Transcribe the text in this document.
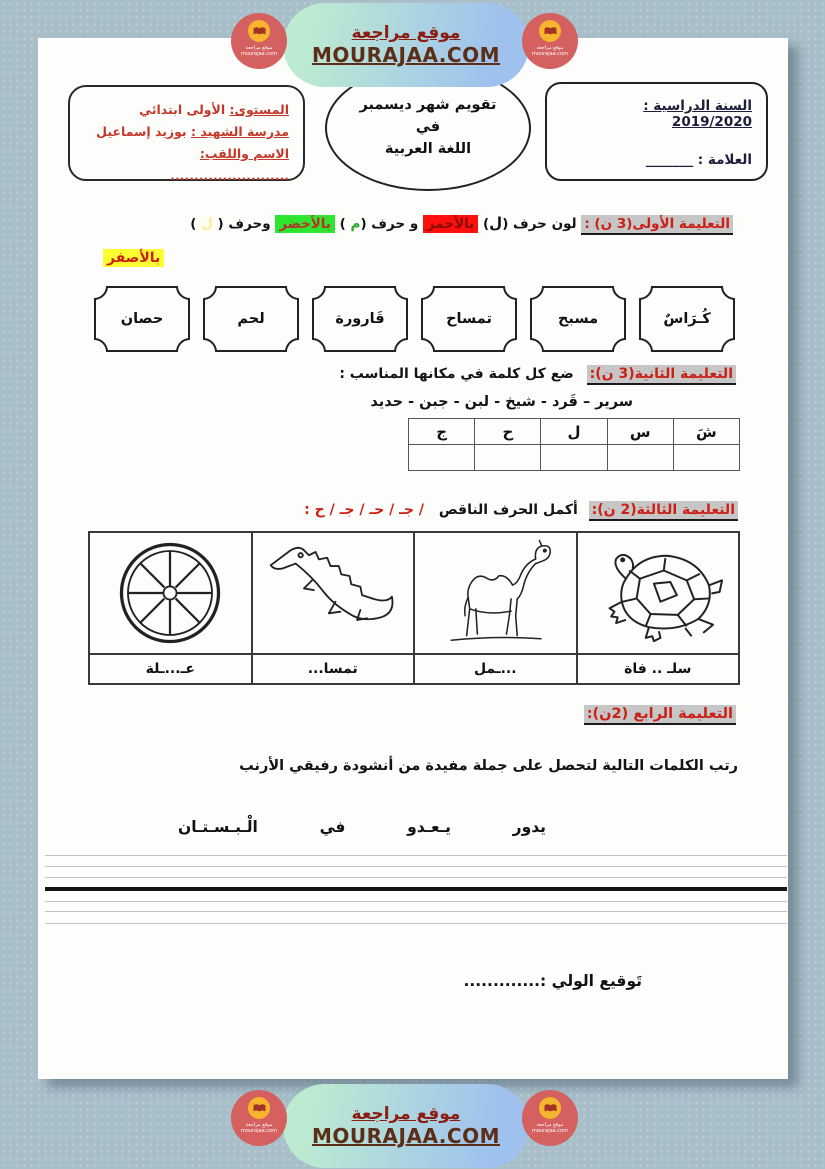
موقع مراجعة
mourajaa.com
موقع مراجعة
MOURAJAA.COM	موقع مراجعة
mourajaa.com
المستوى: الأولى ابتدائي
مدرسة الشهيد : بوزيد إسماعيل
الاسم واللقب: .........................
تقويم شهر ديسمبر
في
اللغة العربية
السنة الدراسية : 2019/2020
العلامة : _______
التعليمة الأولى(3 ن) : لون حرف (ل) بالأحمر و حرف (م ) بالأخضر وحرف ( ل )
بالأصفر
كُـرَاسٌ
مسبح
تمساح
قَارورة
لحم
حصان
التعليمة الثانية(3 ن): ضع كل كلمة في مكانها المناسب :
سرير – قَرد - شيخ - لبن - جبن - حديد
شَ	س	ل	ح	ج

التعليمة الثالثة(2 ن): أكمل الحرف الناقص / جـ / حـ / جـ / ح :

عـ...ـلة	تمسا...	...ـمل	سلـ .. فاة
التعليمة الرابع (2ن):
رتب الكلمات التالية لتحصل على جملة مفيدة من أنشودة رفيقي الأرنب
يدور
يـعـدو
في
الْـبـسـتـان
تَوقيع الولي :.............
موقع مراجعة
mourajaa.com
موقع مراجعة
MOURAJAA.COM	موقع مراجعة
mourajaa.com
